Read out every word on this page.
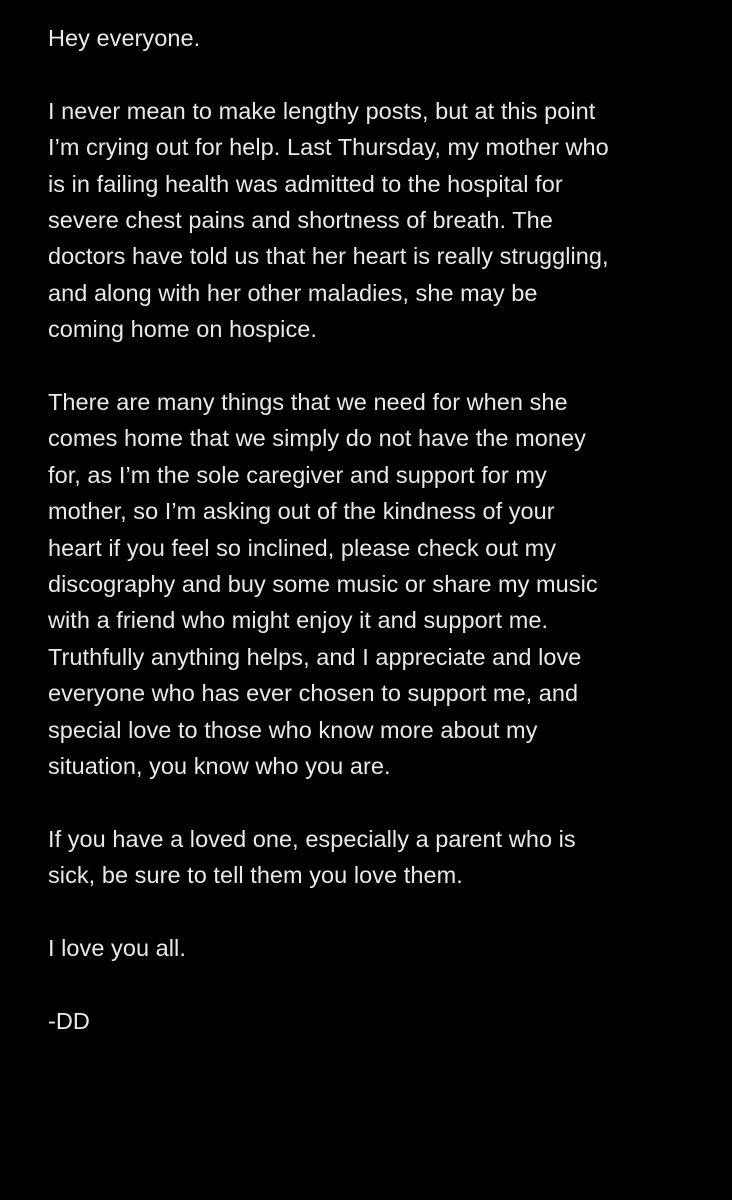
Hey everyone.

I never mean to make lengthy posts, but at this point
I’m crying out for help. Last Thursday, my mother who
is in failing health was admitted to the hospital for
severe chest pains and shortness of breath. The
doctors have told us that her heart is really struggling,
and along with her other maladies, she may be
coming home on hospice.

There are many things that we need for when she
comes home that we simply do not have the money
for, as I’m the sole caregiver and support for my
mother, so I’m asking out of the kindness of your
heart if you feel so inclined, please check out my
discography and buy some music or share my music
with a friend who might enjoy it and support me.
Truthfully anything helps, and I appreciate and love
everyone who has ever chosen to support me, and
special love to those who know more about my
situation, you know who you are.

If you have a loved one, especially a parent who is
sick, be sure to tell them you love them.

I love you all.

-DD
